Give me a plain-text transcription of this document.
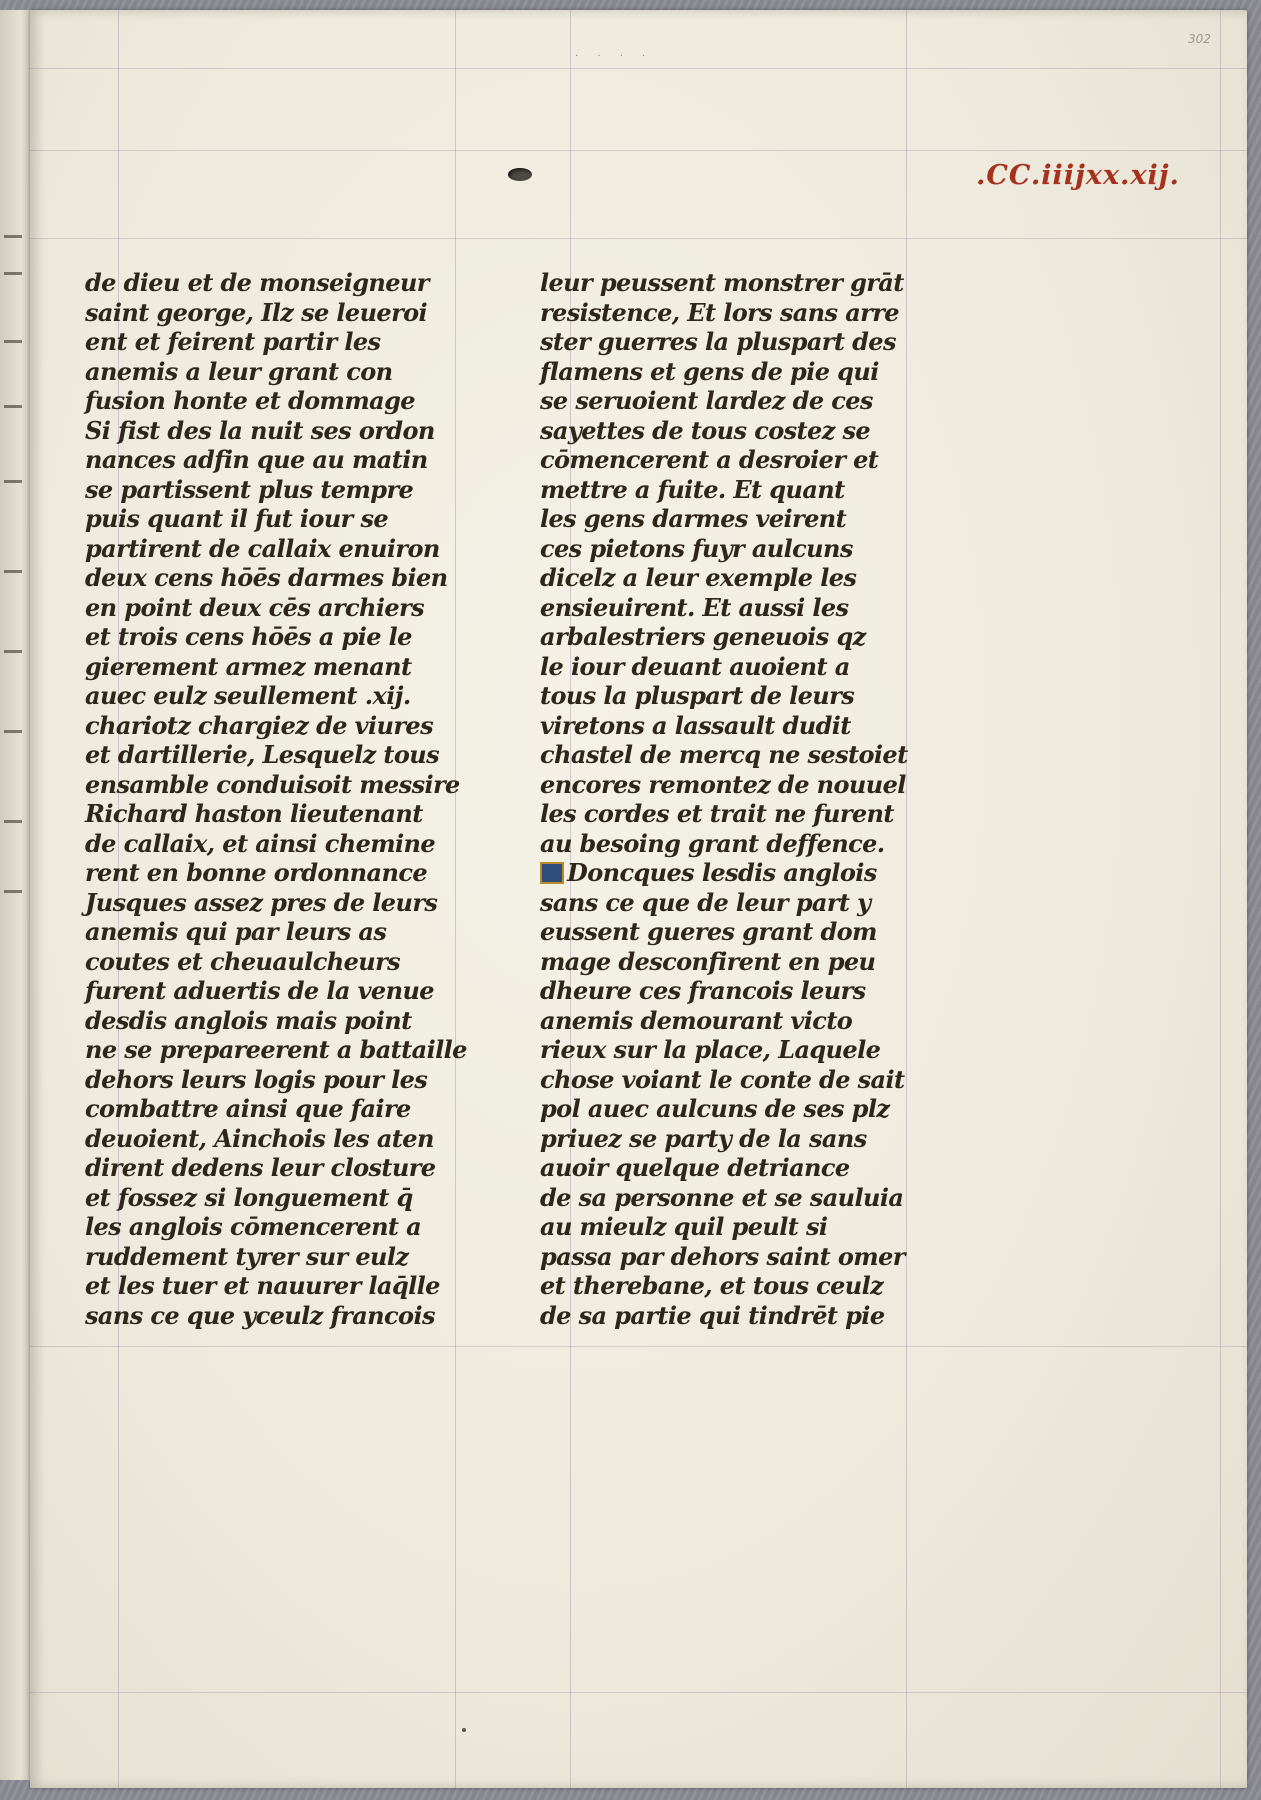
· · · ·
302
.CC.iiijxx.xij.
de dieu et de monseigneur
saint george, Ilz se leueroi
ent et feirent partir les
anemis a leur grant con
fusion honte et dommage
Si fist des la nuit ses ordon
nances adfin que au matin
se partissent plus tempre
puis quant il fut iour se
partirent de callaix enuiron
deux cens hōēs darmes bien
en point deux cēs archiers
et trois cens hōēs a pie le
gierement armez menant
auec eulz seullement .xij.
chariotz chargiez de viures
et dartillerie, Lesquelz tous
ensamble conduisoit messire
Richard haston lieutenant
de callaix, et ainsi chemine
rent en bonne ordonnance
Jusques assez pres de leurs
anemis qui par leurs as
coutes et cheuaulcheurs
furent aduertis de la venue
desdis anglois mais point
ne se prepareerent a battaille
dehors leurs logis pour les
combattre ainsi que faire
deuoient, Ainchois les aten
dirent dedens leur closture
et fossez si longuement q̄
les anglois cōmencerent a
ruddement tyrer sur eulz
et les tuer et nauurer laq̄lle
sans ce que yceulz francois
leur peussent monstrer grāt
resistence, Et lors sans arre
ster guerres la pluspart des
flamens et gens de pie qui
se seruoient lardez de ces
sayettes de tous costez se
cōmencerent a desroier et
mettre a fuite. Et quant
les gens darmes veirent
ces pietons fuyr aulcuns
dicelz a leur exemple les
ensieuirent. Et aussi les
arbalestriers geneuois qz
le iour deuant auoient a
tous la pluspart de leurs
viretons a lassault dudit
chastel de mercq ne sestoiet
encores remontez de nouuel
les cordes et trait ne furent
au besoing grant deffence.
Doncques lesdis anglois
sans ce que de leur part y
eussent gueres grant dom
mage desconfirent en peu
dheure ces francois leurs
anemis demourant victo
rieux sur la place, Laquele
chose voiant le conte de sait
pol auec aulcuns de ses plz
priuez se party de la sans
auoir quelque detriance
de sa personne et se sauluia
au mieulz quil peult si
passa par dehors saint omer
et therebane, et tous ceulz
de sa partie qui tindrēt pie
